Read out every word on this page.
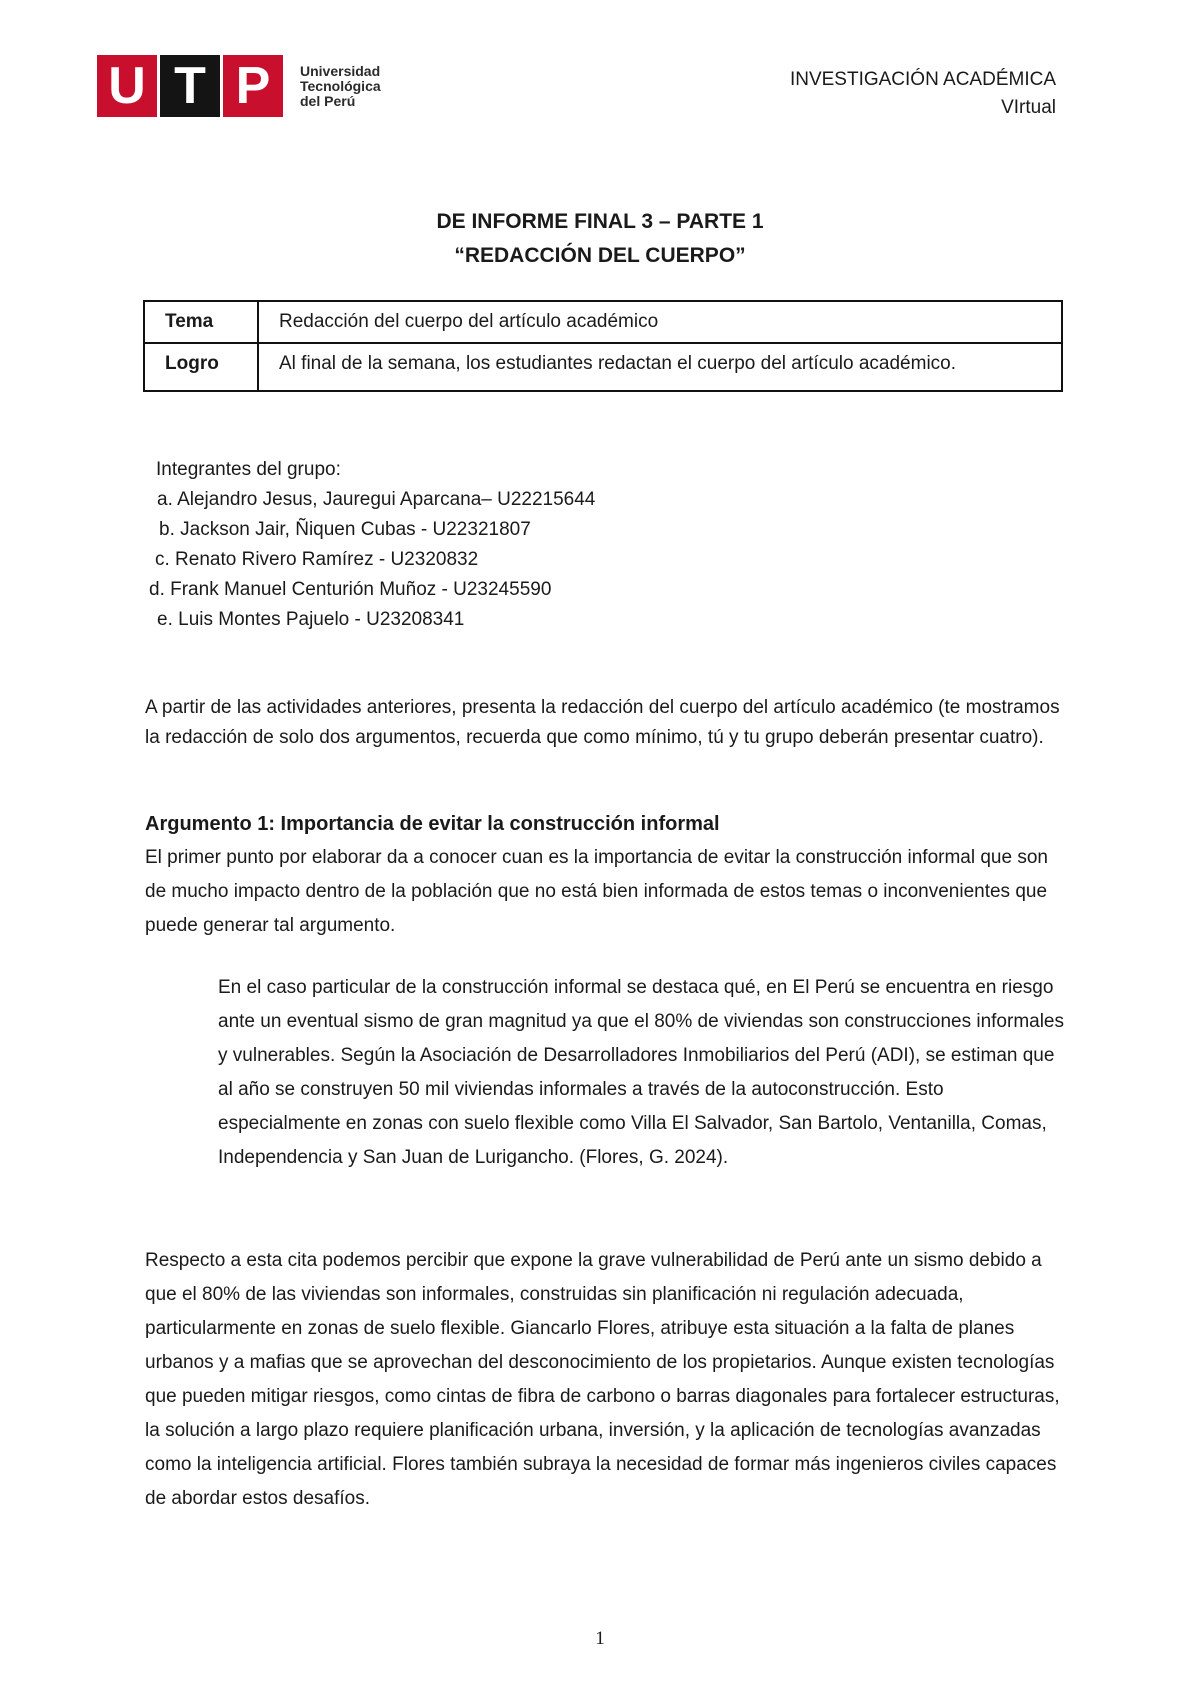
U T P	Universidad
Tecnológica
del Perú
INVESTIGACIÓN ACADÉMICA
VIrtual
DE INFORME FINAL 3 – PARTE 1
“REDACCIÓN DEL CUERPO”
Tema	Redacción del cuerpo del artículo académico
Logro	Al final de la semana, los estudiantes redactan el cuerpo del artículo académico.
Integrantes del grupo:
a. Alejandro Jesus, Jauregui Aparcana– U22215644
b. Jackson Jair, Ñiquen Cubas - U22321807
c. Renato Rivero Ramírez - U2320832
d. Frank Manuel Centurión Muñoz - U23245590
e. Luis Montes Pajuelo - U23208341
A partir de las actividades anteriores, presenta la redacción del cuerpo del artículo académico (te mostramos la redacción de solo dos argumentos, recuerda que como mínimo, tú y tu grupo deberán presentar cuatro).
Argumento 1: Importancia de evitar la construcción informal
El primer punto por elaborar da a conocer cuan es la importancia de evitar la construcción informal que son de mucho impacto dentro de la población que no está bien informada de estos temas o inconvenientes que puede generar tal argumento.
En el caso particular de la construcción informal se destaca qué, en El Perú se encuentra en riesgo ante un eventual sismo de gran magnitud ya que el 80% de viviendas son construcciones informales y vulnerables. Según la Asociación de Desarrolladores Inmobiliarios del Perú (ADI), se estiman que al año se construyen 50 mil viviendas informales a través de la autoconstrucción. Esto especialmente en zonas con suelo flexible como Villa El Salvador, San Bartolo, Ventanilla, Comas, Independencia y San Juan de Lurigancho. (Flores, G. 2024).
Respecto a esta cita podemos percibir que expone la grave vulnerabilidad de Perú ante un sismo debido a que el 80% de las viviendas son informales, construidas sin planificación ni regulación adecuada, particularmente en zonas de suelo flexible. Giancarlo Flores, atribuye esta situación a la falta de planes urbanos y a mafias que se aprovechan del desconocimiento de los propietarios. Aunque existen tecnologías que pueden mitigar riesgos, como cintas de fibra de carbono o barras diagonales para fortalecer estructuras, la solución a largo plazo requiere planificación urbana, inversión, y la aplicación de tecnologías avanzadas como la inteligencia artificial. Flores también subraya la necesidad de formar más ingenieros civiles capaces de abordar estos desafíos.
1
